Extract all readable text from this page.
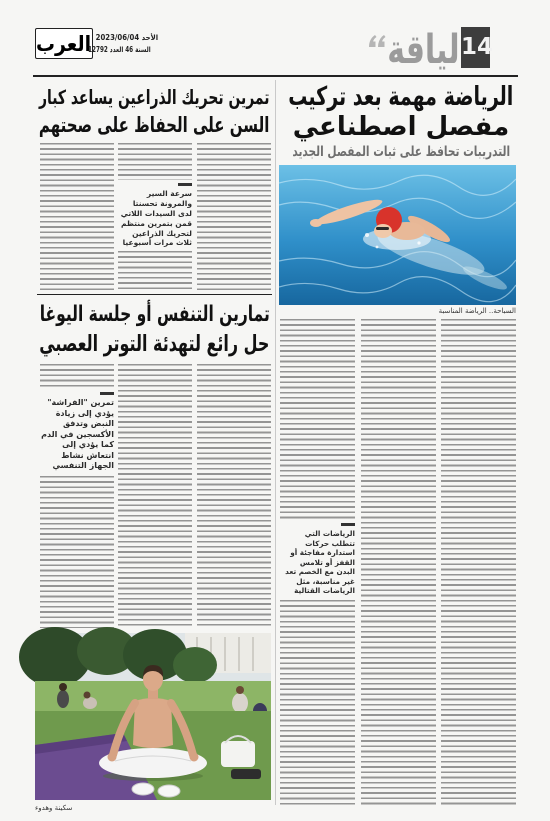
14
لياقة
العرب الأحد 2023/06/04
السنة 46 العدد 12792
الرياضة مهمة بعد تركيب
مفصل اصطناعي
التدريبات تحافظ على ثبات المفصل الجديد
السباحة.. الرياضة المناسبة
الرياضات التي تتطلب حركات استدارة مفاجئة أو القفز أو تلامس البدن مع الخصم تعد غير مناسبة، مثل الرياضات القتالية
تمرين تحريك الذراعين يساعد كبار
السن على الحفاظ على صحتهم
سرعة السير والمرونة تحسنتا لدى السيدات اللاتي قمن بتمرين منتظم لتحريك الذراعين ثلاث مرات أسبوعيا
تمارين التنفس أو جلسة اليوغا
حل رائع لتهدئة التوتر العصبي
تمرين "الفراشة" يؤدي إلى زيادة النبض وتدفق الأكسجين في الدم كما يؤدي إلى انتعاش نشاط الجهاز التنفسي
سكينة وهدوء
